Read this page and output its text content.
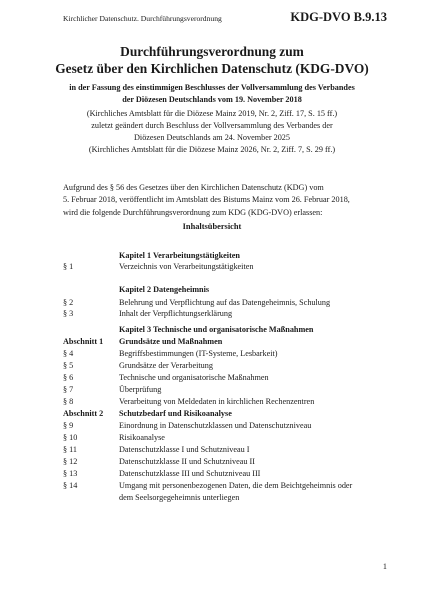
Kirchlicher Datenschutz. Durchführungsverordnung	KDG-DVO B.9.13
Durchführungsverordnung zum
Gesetz über den Kirchlichen Datenschutz (KDG-DVO)
in der Fassung des einstimmigen Beschlusses der Vollversammlung des Verbandes
der Diözesen Deutschlands vom 19. November 2018
(Kirchliches Amtsblatt für die Diözese Mainz 2019, Nr. 2, Ziff. 17, S. 15 ff.)
zuletzt geändert durch Beschluss der Vollversammlung des Verbandes der
Diözesen Deutschlands am 24. November 2025
(Kirchliches Amtsblatt für die Diözese Mainz 2026, Nr. 2, Ziff. 7, S. 29 ff.)
Aufgrund des § 56 des Gesetzes über den Kirchlichen Datenschutz (KDG) vom
5. Februar 2018, veröffentlicht im Amtsblatt des Bistums Mainz vom 26. Februar 2018,
wird die folgende Durchführungsverordnung zum KDG (KDG-DVO) erlassen:
Inhaltsübersicht
Kapitel 1 Verarbeitungstätigkeiten
§ 1	Verzeichnis von Verarbeitungstätigkeiten
Kapitel 2 Datengeheimnis
§ 2	Belehrung und Verpflichtung auf das Datengeheimnis, Schulung
§ 3	Inhalt der Verpflichtungserklärung
Kapitel 3 Technische und organisatorische Maßnahmen
Abschnitt 1 Grundsätze und Maßnahmen
§ 4	Begriffsbestimmungen (IT-Systeme, Lesbarkeit)
§ 5	Grundsätze der Verarbeitung
§ 6	Technische und organisatorische Maßnahmen
§ 7	Überprüfung
§ 8	Verarbeitung von Meldedaten in kirchlichen Rechenzentren
Abschnitt 2 Schutzbedarf und Risikoanalyse
§ 9	Einordnung in Datenschutzklassen und Datenschutzniveau
§ 10	Risikoanalyse
§ 11	Datenschutzklasse I und Schutzniveau I
§ 12	Datenschutzklasse II und Schutzniveau II
§ 13	Datenschutzklasse III und Schutzniveau III
§ 14	Umgang mit personenbezogenen Daten, die dem Beichtgeheimnis oder
dem Seelsorgegeheimnis unterliegen
1
